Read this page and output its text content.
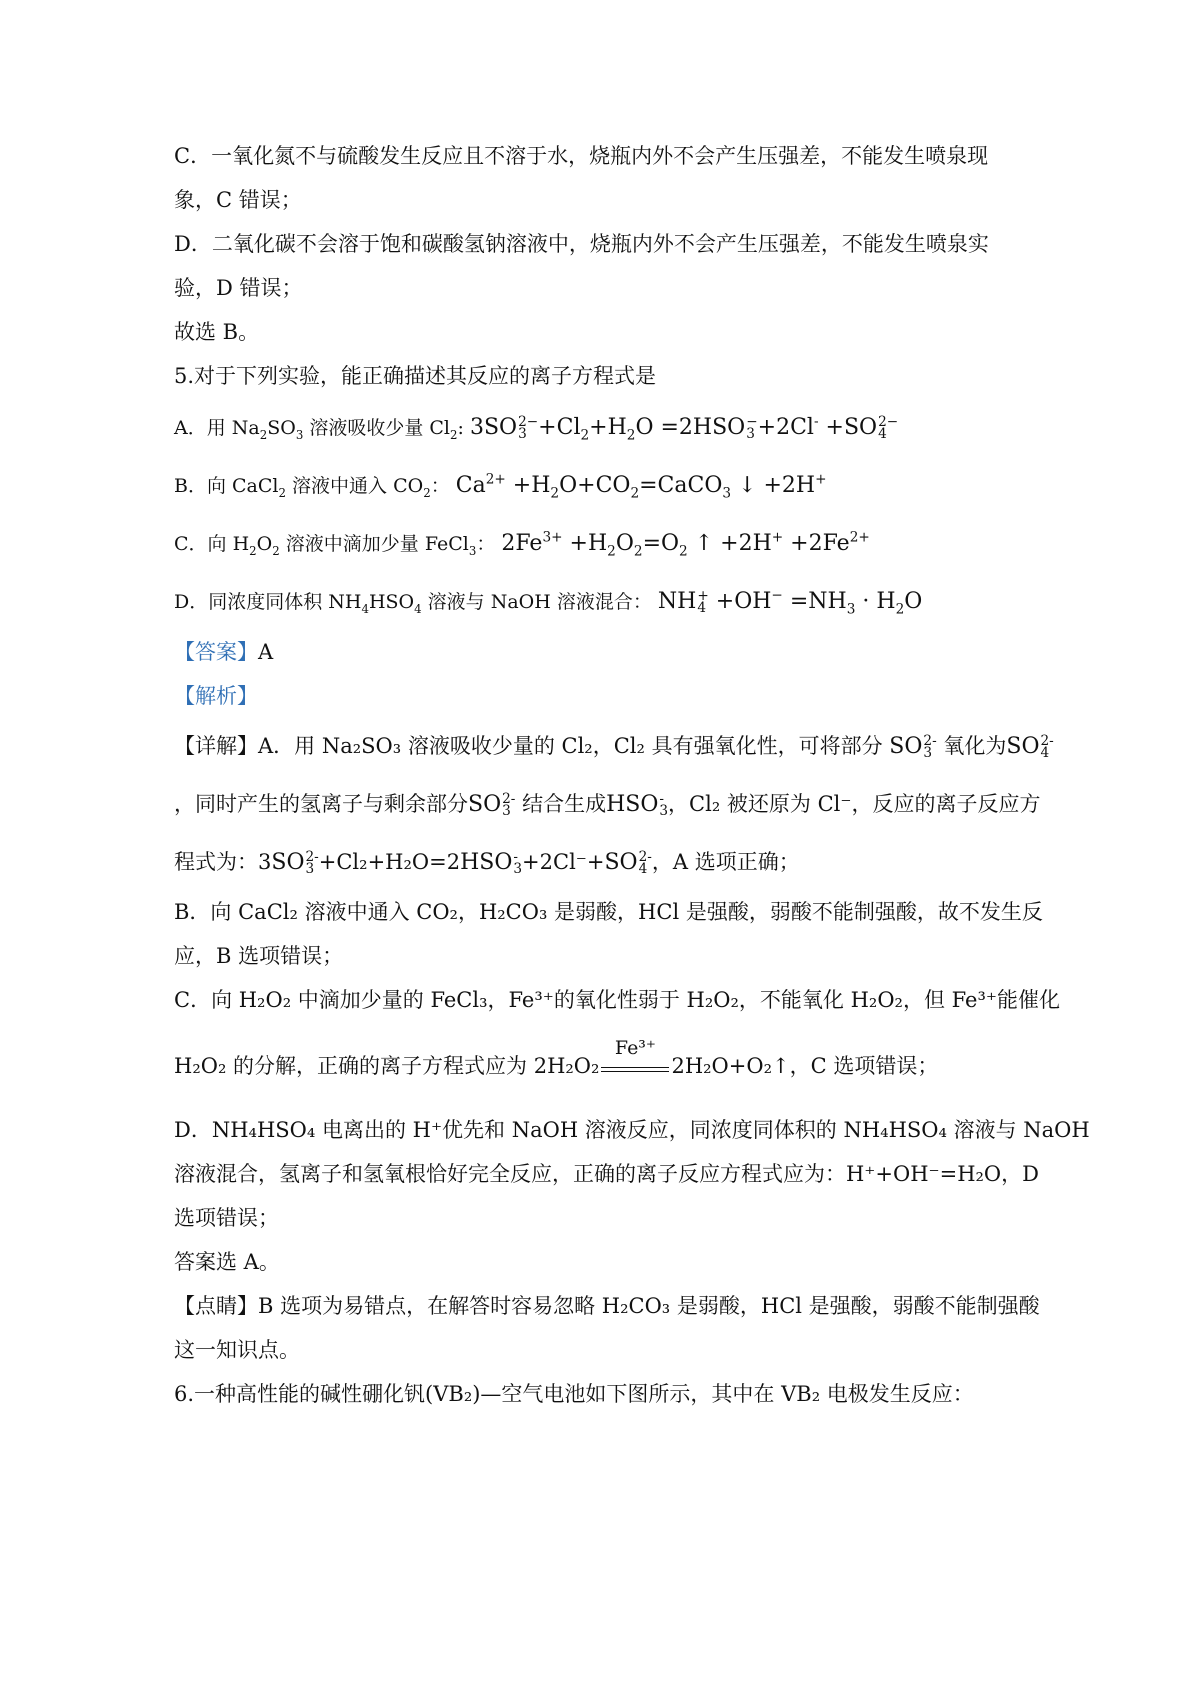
C．一氧化氮不与硫酸发生反应且不溶于水，烧瓶内外不会产生压强差，不能发生喷泉现
象，C 错误；
D．二氧化碳不会溶于饱和碳酸氢钠溶液中，烧瓶内外不会产生压强差，不能发生喷泉实
验，D 错误；
故选 B。
5.对于下列实验，能正确描述其反应的离子方程式是
A．用 $Na_2SO_3$ 溶液吸收少量 $Cl_2$: 3SO 2−
$3 +Cl_2+H_2O =2HSO$ −
3 +2Cl- +SO 2−
4
B．向 CaCl$_2$ 溶液中通入 $CO_2$： $Ca^{2+}$ $+H_2O+CO_2=CaCO_3$ ↓ +2H+
C．向 $H_2O_2$ 溶液中滴加少量 FeCl$_3$： $2Fe^{3+} +H_2O_2=O_2$ ↑ $+2H^+ +2Fe^{2+}$
D．同浓度同体积 $NH_4HSO_4$ 溶液与 NaOH 溶液混合： NH +
$4 +OH^- =NH_3 \cdot H_2O$
【答案】A
【解析】
【详解】A．用 Na₂SO₃ 溶液吸收少量的 Cl₂，Cl₂ 具有强氧化性，可将部分 SO 2-
3 氧化为SO 2-
4
，同时产生的氢离子与剩余部分SO 2-
3 结合生成HSO -
3 ，Cl₂ 被还原为 Cl⁻，反应的离子反应方
程式为：3SO 2-
3 +Cl₂+H₂O=2HSO -
3 +2Cl⁻+SO 2-
4 ，A 选项正确；
B．向 CaCl₂ 溶液中通入 CO₂，H₂CO₃ 是弱酸，HCl 是强酸，弱酸不能制强酸，故不发生反
应，B 选项错误；
C．向 H₂O₂ 中滴加少量的 FeCl₃，Fe³⁺的氧化性弱于 H₂O₂，不能氧化 H₂O₂，但 Fe³⁺能催化
H₂O₂ 的分解，正确的离子方程式应为 2H₂O₂
Fe³⁺
2H₂O+O₂↑，C 选项错误；
D．NH₄HSO₄ 电离出的 H⁺优先和 NaOH 溶液反应，同浓度同体积的 NH₄HSO₄ 溶液与 NaOH
溶液混合，氢离子和氢氧根恰好完全反应，正确的离子反应方程式应为：H⁺+OH⁻=H₂O，D
选项错误；
答案选 A。
【点睛】B 选项为易错点，在解答时容易忽略 H₂CO₃ 是弱酸，HCl 是强酸，弱酸不能制强酸
这一知识点。
6.一种高性能的碱性硼化钒(VB₂)—空气电池如下图所示，其中在 VB₂ 电极发生反应：
